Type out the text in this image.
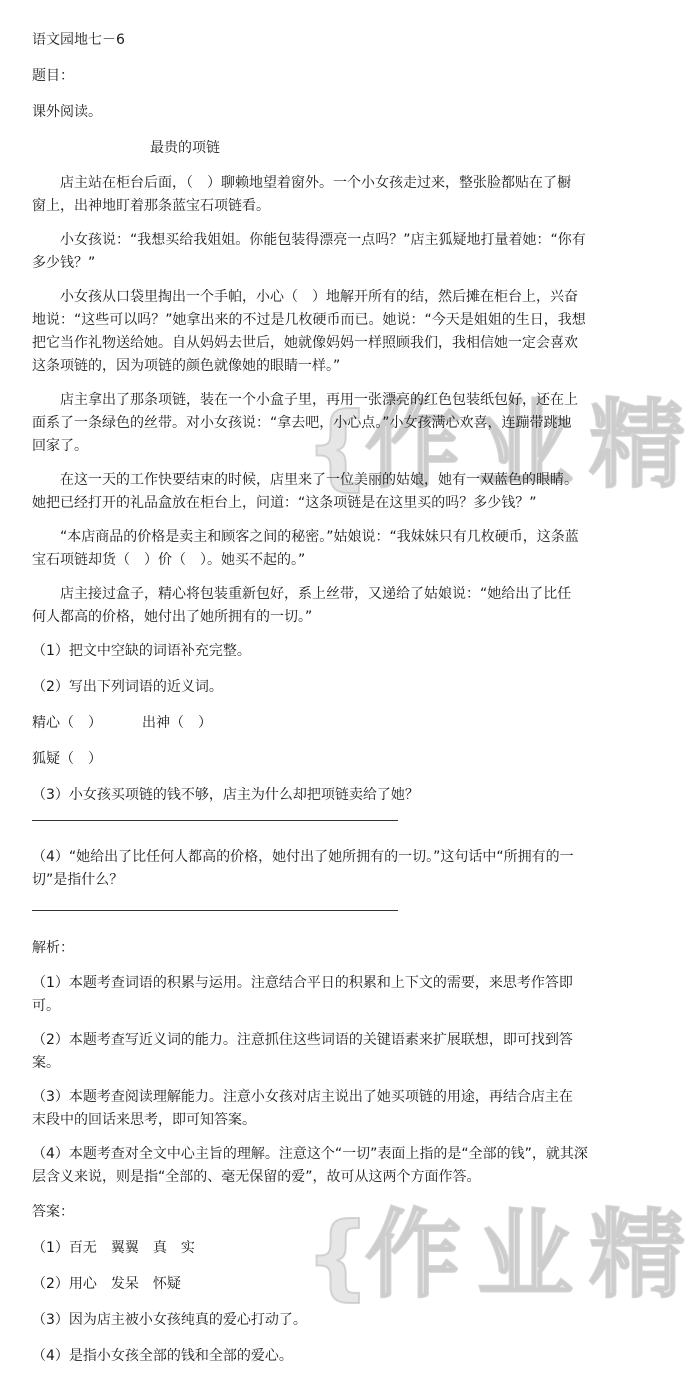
{
作业精
{
作业精

语文园地七－6

题目：

课外阅读。

最贵的项链

店主站在柜台后面，（　）聊赖地望着窗外。一个小女孩走过来，整张脸都贴在了橱

窗上，出神地盯着那条蓝宝石项链看。

小女孩说：“我想买给我姐姐。你能包装得漂亮一点吗？”店主狐疑地打量着她：“你有

多少钱？”

小女孩从口袋里掏出一个手帕，小心（　）地解开所有的结，然后摊在柜台上，兴奋

地说：“这些可以吗？”她拿出来的不过是几枚硬币而已。她说：“今天是姐姐的生日，我想

把它当作礼物送给她。自从妈妈去世后，她就像妈妈一样照顾我们，我相信她一定会喜欢

这条项链的，因为项链的颜色就像她的眼睛一样。”

店主拿出了那条项链，装在一个小盒子里，再用一张漂亮的红色包装纸包好，还在上

面系了一条绿色的丝带。对小女孩说：“拿去吧，小心点。”小女孩满心欢喜，连蹦带跳地

回家了。

在这一天的工作快要结束的时候，店里来了一位美丽的姑娘，她有一双蓝色的眼睛。

她把已经打开的礼品盒放在柜台上，问道：“这条项链是在这里买的吗？多少钱？”

“本店商品的价格是卖主和顾客之间的秘密。”姑娘说：“我妹妹只有几枚硬币，这条蓝

宝石项链却货（　）价（　）。她买不起的。”

店主接过盒子，精心将包装重新包好，系上丝带，又递给了姑娘说：“她给出了比任

何人都高的价格，她付出了她所拥有的一切。”

（1）把文中空缺的词语补充完整。

（2）写出下列词语的近义词。

精心（　）	出神（　）

狐疑（　）

（3）小女孩买项链的钱不够，店主为什么却把项链卖给了她？

（4）“她给出了比任何人都高的价格，她付出了她所拥有的一切。”这句话中“所拥有的一

切”是指什么？

解析：

（1）本题考查词语的积累与运用。注意结合平日的积累和上下文的需要，来思考作答即

可。

（2）本题考查写近义词的能力。注意抓住这些词语的关键语素来扩展联想，即可找到答

案。

（3）本题考查阅读理解能力。注意小女孩对店主说出了她买项链的用途，再结合店主在

末段中的回话来思考，即可知答案。

（4）本题考查对全文中心主旨的理解。注意这个“一切”表面上指的是“全部的钱”，就其深

层含义来说，则是指“全部的、毫无保留的爱”，故可从这两个方面作答。

答案：

（1）百无　翼翼　真　实

（2）用心　发呆　怀疑

（3）因为店主被小女孩纯真的爱心打动了。

（4）是指小女孩全部的钱和全部的爱心。
